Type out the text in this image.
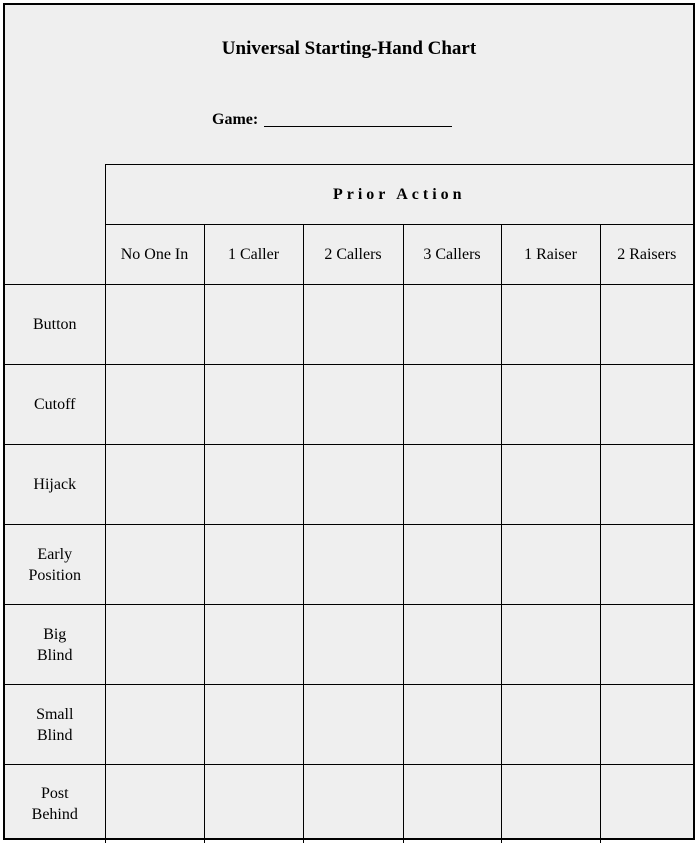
Universal Starting-Hand Chart
Game:
	Prior Action					
	No One In	1 Caller	2 Callers	3 Callers	1 Raiser	2 Raisers

Button						

Cutoff						

Hijack						

Early
Position						

Big
Blind						

Small
Blind						

Post
Behind						
